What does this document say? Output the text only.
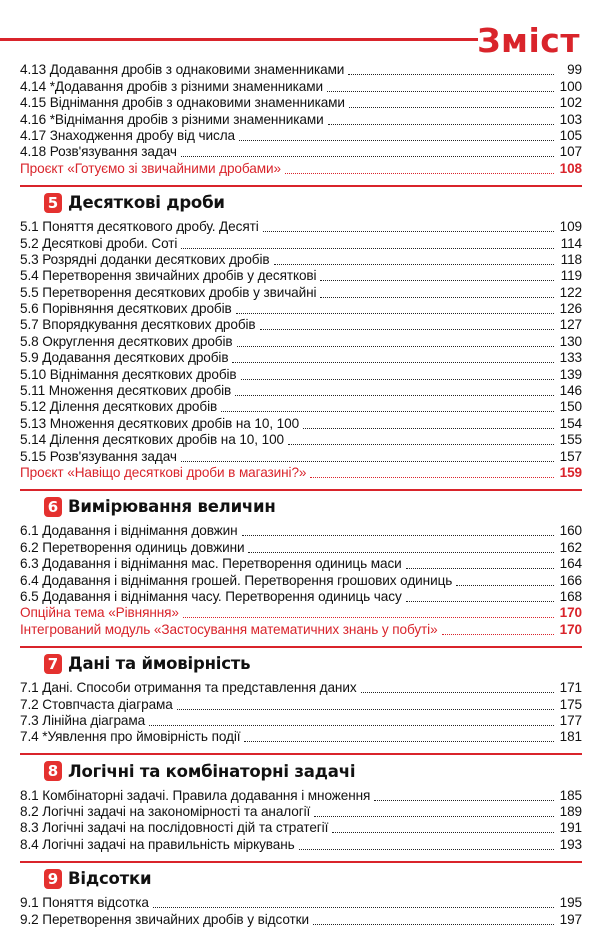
Зміст
4.13 Додавання дробів з однаковими знаменниками	99
4.14 *Додавання дробів з різними знаменниками	100
4.15 Віднімання дробів з однаковими знаменниками	102
4.16 *Віднімання дробів з різними знаменниками	103
4.17 Знаходження дробу від числа	105
4.18 Розв'язування задач	107
Проєкт «Готуємо зі звичайними дробами»	108
5 Десяткові дроби
5.1 Поняття десяткового дробу. Десяті	109
5.2 Десяткові дроби. Соті	114
5.3 Розрядні доданки десяткових дробів	118
5.4 Перетворення звичайних дробів у десяткові	119
5.5 Перетворення десяткових дробів у звичайні	122
5.6 Порівняння десяткових дробів	126
5.7 Впорядкування десяткових дробів	127
5.8 Округлення десяткових дробів	130
5.9 Додавання десяткових дробів	133
5.10 Віднімання десяткових дробів	139
5.11 Множення десяткових дробів	146
5.12 Ділення десяткових дробів	150
5.13 Множення десяткових дробів на 10, 100	154
5.14 Ділення десяткових дробів на 10, 100	155
5.15 Розв'язування задач	157
Проєкт «Навіщо десяткові дроби в магазині?»	159
6 Вимірювання величин
6.1 Додавання і віднімання довжин	160
6.2 Перетворення одиниць довжини	162
6.3 Додавання і віднімання мас. Перетворення одиниць маси	164
6.4 Додавання і віднімання грошей. Перетворення грошових одиниць	166
6.5 Додавання і віднімання часу. Перетворення одиниць часу	168
Опційна тема «Рівняння»	170
Інтегрований модуль «Застосування математичних знань у побуті»	170
7 Дані та ймовірність
7.1 Дані. Способи отримання та представлення даних	171
7.2 Стовпчаста діаграма	175
7.3 Лінійна діаграма	177
7.4 *Уявлення про ймовірність події	181
8 Логічні та комбінаторні задачі
8.1 Комбінаторні задачі. Правила додавання і множення	185
8.2 Логічні задачі на закономірності та аналогії	189
8.3 Логічні задачі на послідовності дій та стратегії	191
8.4 Логічні задачі на правильність міркувань	193
9 Відсотки
9.1 Поняття відсотка	195
9.2 Перетворення звичайних дробів у відсотки	197
